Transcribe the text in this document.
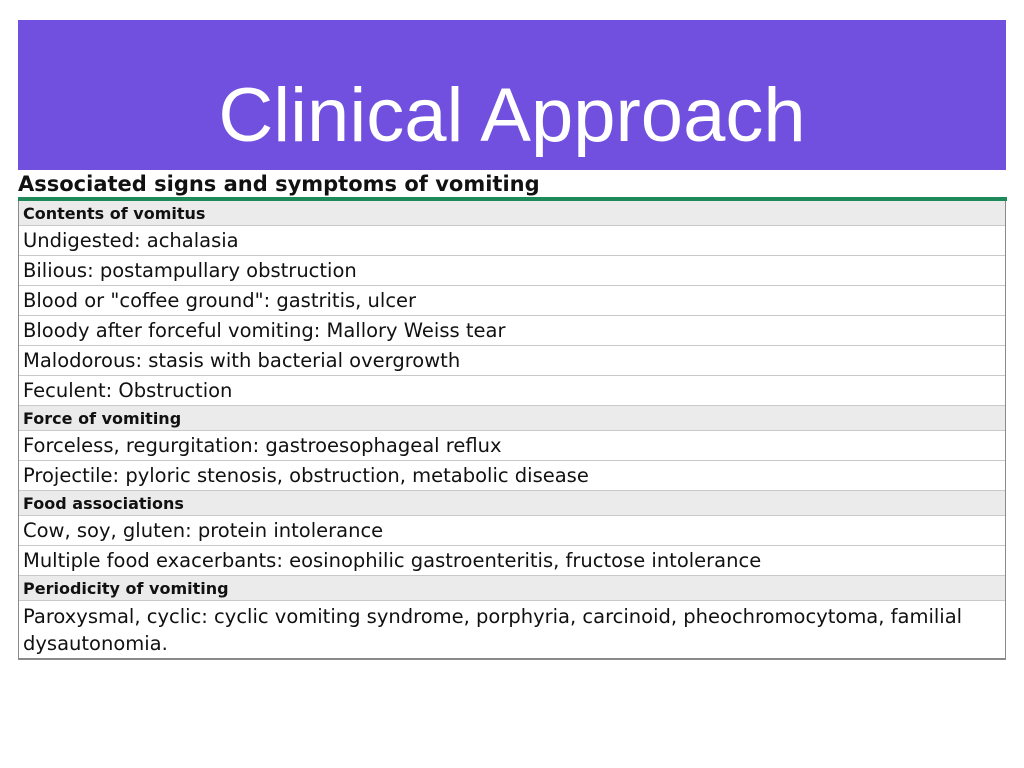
Clinical Approach
Associated signs and symptoms of vomiting
Contents of vomitus
Undigested: achalasia
Bilious: postampullary obstruction
Blood or "coffee ground": gastritis, ulcer
Bloody after forceful vomiting: Mallory Weiss tear
Malodorous: stasis with bacterial overgrowth
Feculent: Obstruction
Force of vomiting
Forceless, regurgitation: gastroesophageal reflux
Projectile: pyloric stenosis, obstruction, metabolic disease
Food associations
Cow, soy, gluten: protein intolerance
Multiple food exacerbants: eosinophilic gastroenteritis, fructose intolerance
Periodicity of vomiting
Paroxysmal, cyclic: cyclic vomiting syndrome, porphyria, carcinoid, pheochromocytoma, familial dysautonomia.
